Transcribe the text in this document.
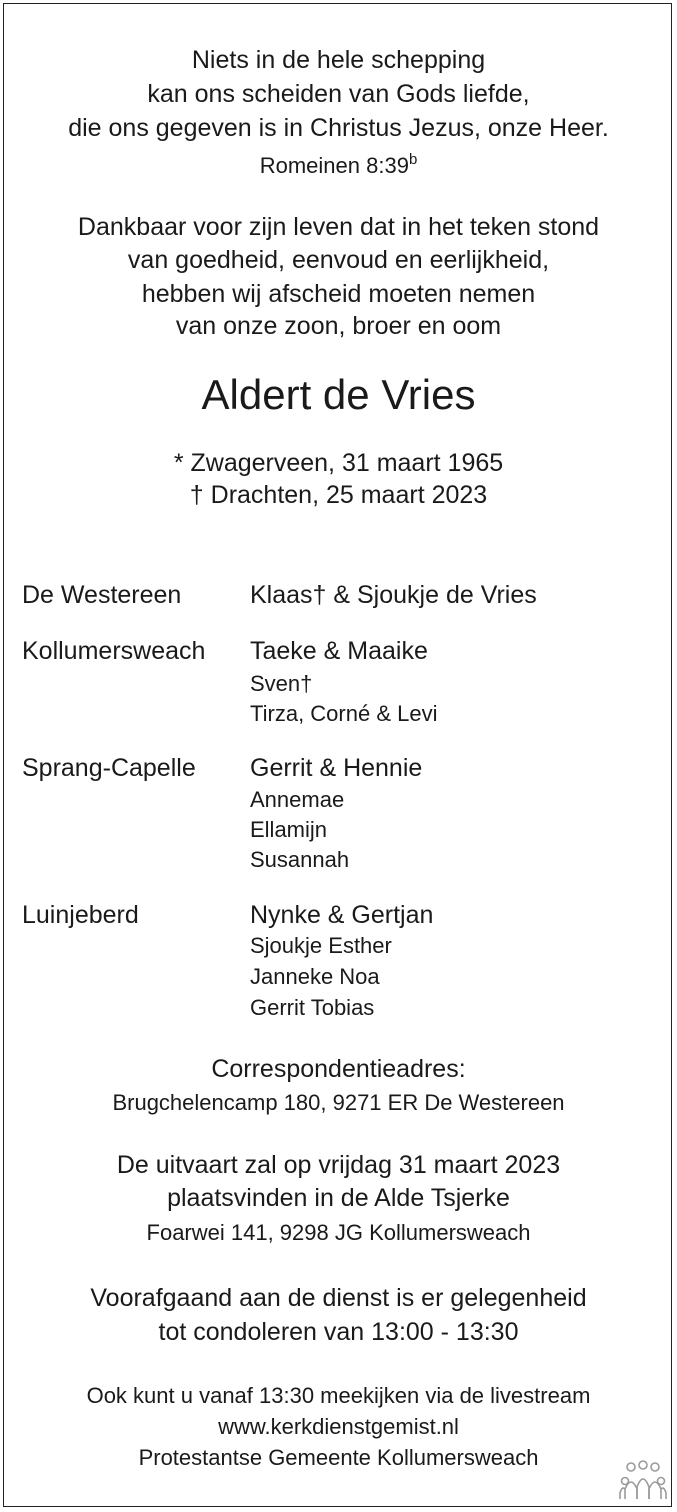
Niets in de hele schepping
kan ons scheiden van Gods liefde,
die ons gegeven is in Christus Jezus, onze Heer.
Romeinen 8:39$^b$
Dankbaar voor zijn leven dat in het teken stond
van goedheid, eenvoud en eerlijkheid,
hebben wij afscheid moeten nemen
van onze zoon, broer en oom
Aldert de Vries
* Zwagerveen, 31 maart 1965
† Drachten, 25 maart 2023
De Westereen	Klaas† & Sjoukje de Vries
Kollumersweach Taeke & Maaike
Sven†
Tirza, Corné & Levi
Sprang-Capelle Gerrit & Hennie
Annemae
Ellamijn
Susannah
Luinjeberd	Nynke & Gertjan
Sjoukje Esther
Janneke Noa
Gerrit Tobias
Correspondentieadres:
Brugchelencamp 180, 9271 ER De Westereen
De uitvaart zal op vrijdag 31 maart 2023
plaatsvinden in de Alde Tsjerke
Foarwei 141, 9298 JG Kollumersweach
Voorafgaand aan de dienst is er gelegenheid
tot condoleren van 13:00 - 13:30
Ook kunt u vanaf 13:30 meekijken via de livestream
www.kerkdienstgemist.nl
Protestantse Gemeente Kollumersweach
